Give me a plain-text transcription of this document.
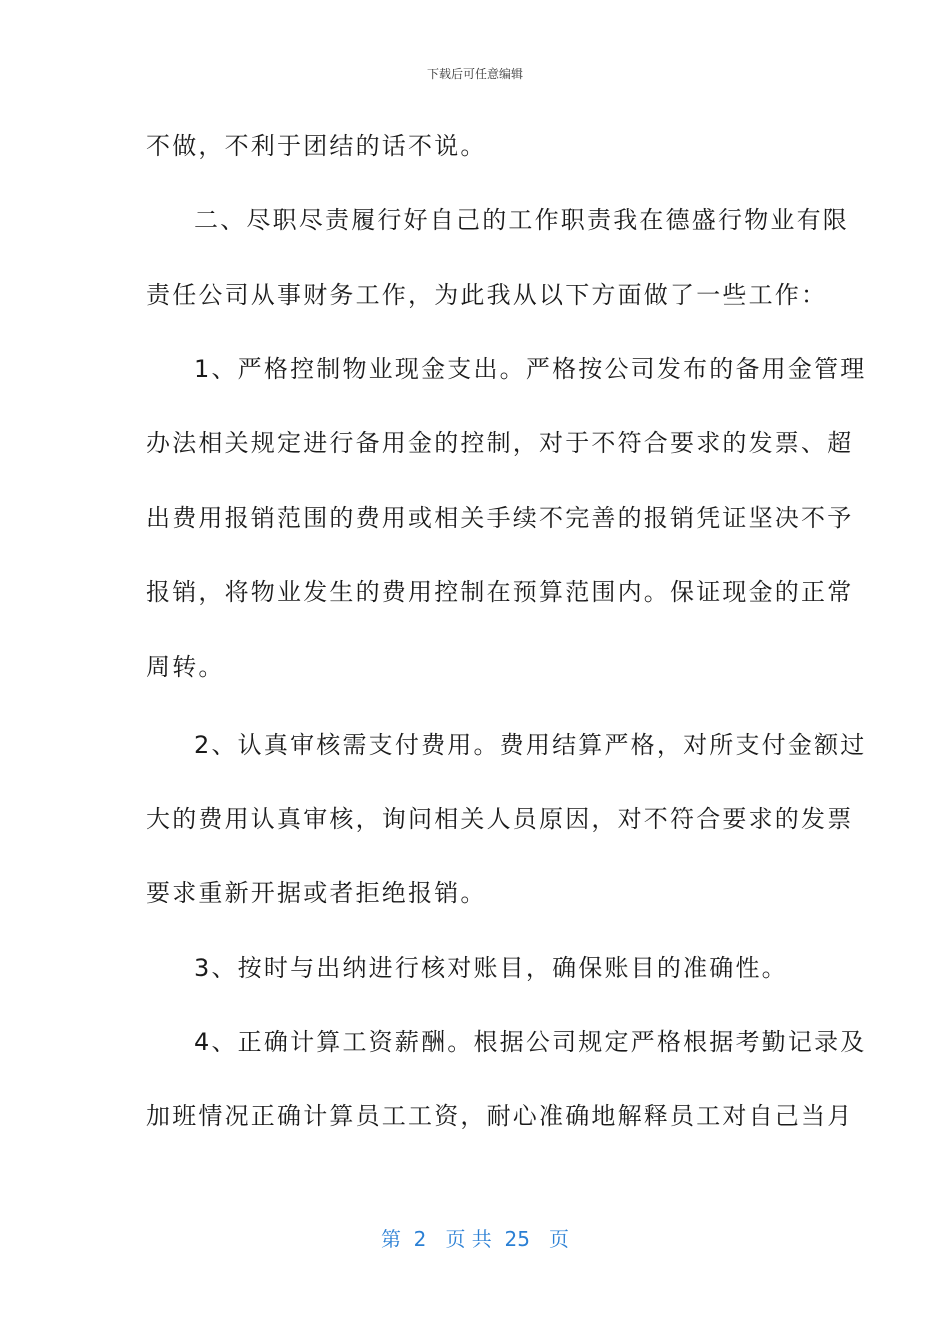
下载后可任意编辑
不做，不利于团结的话不说。
二、尽职尽责履行好自己的工作职责我在德盛行物业有限
责任公司从事财务工作，为此我从以下方面做了一些工作：
1、严格控制物业现金支出。严格按公司发布的备用金管理
办法相关规定进行备用金的控制，对于不符合要求的发票、超
出费用报销范围的费用或相关手续不完善的报销凭证坚决不予
报销，将物业发生的费用控制在预算范围内。保证现金的正常
周转。
2、认真审核需支付费用。费用结算严格，对所支付金额过
大的费用认真审核，询问相关人员原因，对不符合要求的发票
要求重新开据或者拒绝报销。
3、按时与出纳进行核对账目，确保账目的准确性。
4、正确计算工资薪酬。根据公司规定严格根据考勤记录及
加班情况正确计算员工工资，耐心准确地解释员工对自己当月
第  2   页 共  25   页
